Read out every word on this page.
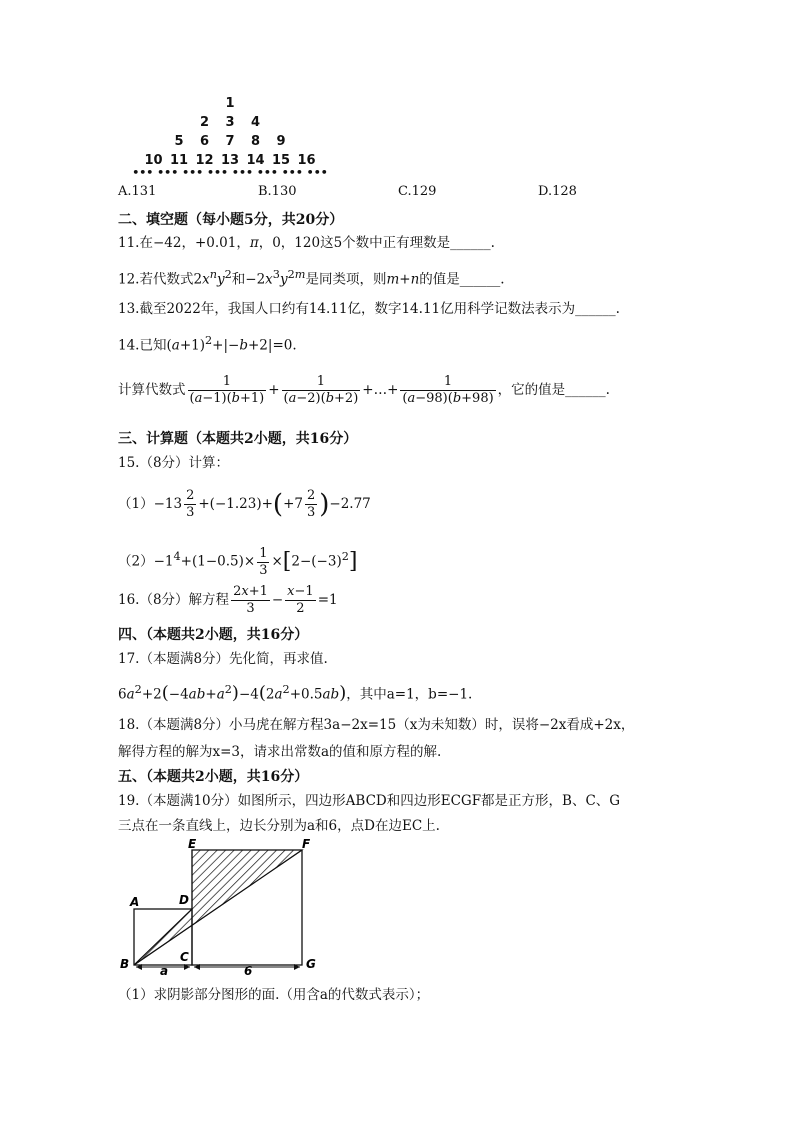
1
2 3 4
5 6 7 8 9
10 11 12 13 14 15 16
••• ••• ••• ••• ••• ••• ••• •••
A.131	B.130	C.129	D.128
二、填空题（每小题5分，共20分）
11.在−42，+0.01，π，0，120这5个数中正有理数是______.
12.若代数式$2x^ny^2$和$-2x^3y^{2m}$是同类项，则m+n的值是______.
13.截至2022年，我国人口约有14.11亿，数字14.11亿用科学记数法表示为______.
14.已知$(a+1)^2+|-b+2|=0$.
计算代数式 $\frac{1}{(a-1)(b+1)} + \frac{1}{(a-2)(b+2)}$ +…+ $\frac{1}{(a-98)(b+98)}$ ，它的值是______.
三、计算题（本题共2小题，共16分）
15.（8分）计算：
$(1)-13 \frac{2}{3} +(-1.23)+(+7 \frac{2}{3} )-2.77$
$(2)-1^4+(1-0.5)\times \frac{1}{3} \times[2-(-3)^2]$
16.（8分）解方程 $\frac{2x+1}{3} - \frac{x-1}{2} =1$
四、（本题共2小题，共16分）
17.（本题满8分）先化简，再求值.
$6a^2+2(-4ab+a^2)-4(2a^2+0.5ab)$，其中a=1，b=−1.
18.（本题满8分）小马虎在解方程3a−2x=15（x为未知数）时，误将−2x看成+2x，
解得方程的解为x=3，请求出常数a的值和原方程的解.
五、（本题共2小题，共16分）
19.（本题满10分）如图所示，四边形ABCD和四边形ECGF都是正方形，B、C、G
三点在一条直线上，边长分别为a和6，点D在边EC上.
A
B	C
D
E	F
G
a	6
（1）求阴影部分图形的面.（用含a的代数式表示）；
